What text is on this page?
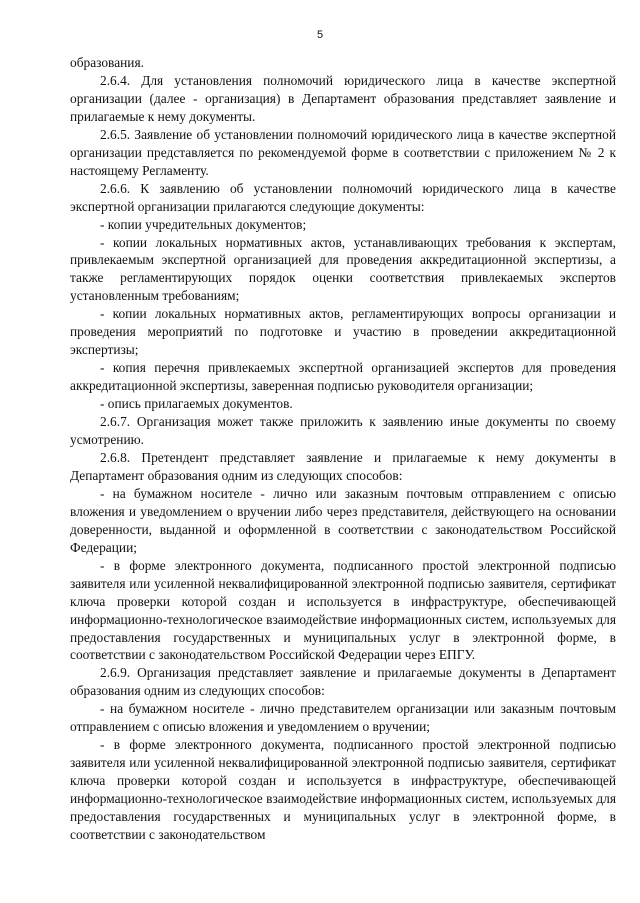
5

образования.

2.6.4. Для установления полномочий юридического лица в качестве экспертной организации (далее - организация) в Департамент образования представляет заявление и прилагаемые к нему документы.

2.6.5. Заявление об установлении полномочий юридического лица в качестве экспертной организации представляется по рекомендуемой форме в соответствии с приложением № 2 к настоящему Регламенту.

2.6.6. К заявлению об установлении полномочий юридического лица в качестве экспертной организации прилагаются следующие документы:

- копии учредительных документов;

- копии локальных нормативных актов, устанавливающих требования к экспертам, привлекаемым экспертной организацией для проведения аккредитационной экспертизы, а также регламентирующих порядок оценки соответствия привлекаемых экспертов установленным требованиям;

- копии локальных нормативных актов, регламентирующих вопросы организации и проведения мероприятий по подготовке и участию в проведении аккредитационной экспертизы;

- копия перечня привлекаемых экспертной организацией экспертов для проведения аккредитационной экспертизы, заверенная подписью руководителя организации;

- опись прилагаемых документов.

2.6.7. Организация может также приложить к заявлению иные документы по своему усмотрению.

2.6.8. Претендент представляет заявление и прилагаемые к нему документы в Департамент образования одним из следующих способов:

- на бумажном носителе - лично или заказным почтовым отправлением с описью вложения и уведомлением о вручении либо через представителя, действующего на основании доверенности, выданной и оформленной в соответствии с законодательством Российской Федерации;

- в форме электронного документа, подписанного простой электронной подписью заявителя или усиленной неквалифицированной электронной подписью заявителя, сертификат ключа проверки которой создан и используется в инфраструктуре, обеспечивающей информационно-технологическое взаимодействие информационных систем, используемых для предоставления государственных и муниципальных услуг в электронной форме, в соответствии с законодательством Российской Федерации через ЕПГУ.

2.6.9. Организация представляет заявление и прилагаемые документы в Департамент образования одним из следующих способов:

- на бумажном носителе - лично представителем организации или заказным почтовым отправлением с описью вложения и уведомлением о вручении;

- в форме электронного документа, подписанного простой электронной подписью заявителя или усиленной неквалифицированной электронной подписью заявителя, сертификат ключа проверки которой создан и используется в инфраструктуре, обеспечивающей информационно-технологическое взаимодействие информационных систем, используемых для предоставления государственных и муниципальных услуг в электронной форме, в соответствии с законодательством
